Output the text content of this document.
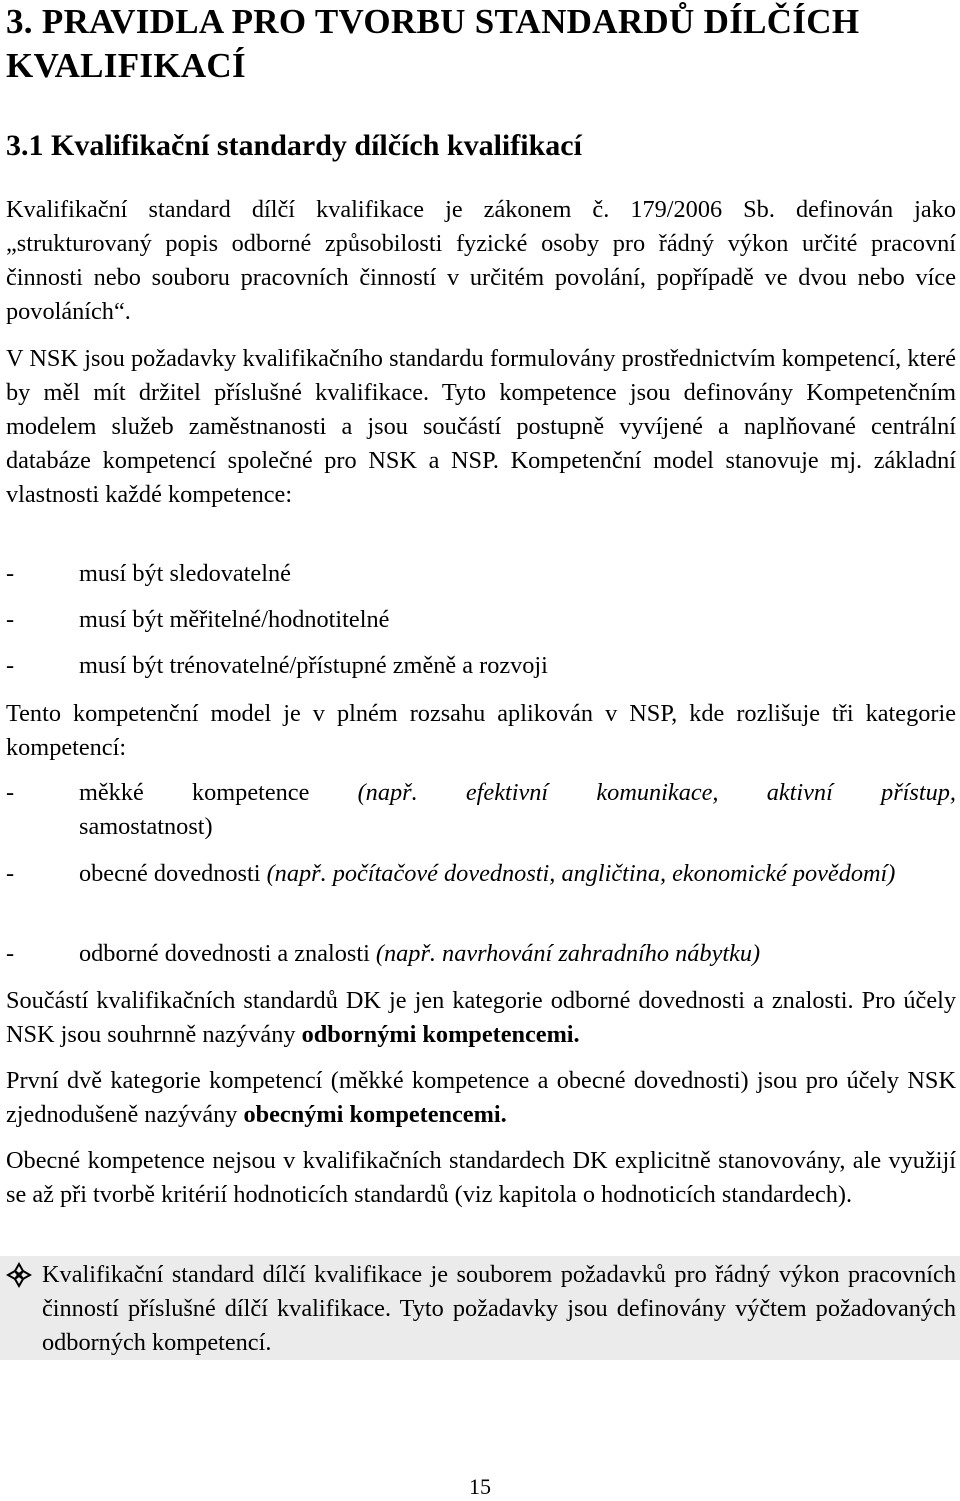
3. PRAVIDLA PRO TVORBU STANDARDŮ DÍLČÍCH KVALIFIKACÍ
3.1 Kvalifikační standardy dílčích kvalifikací

Kvalifikační standard dílčí kvalifikace je zákonem č. 179/2006 Sb. definován jako „strukturovaný popis odborné způsobilosti fyzické osoby pro řádný výkon určité pracovní činnosti nebo souboru pracovních činností v určitém povolání, popřípadě ve dvou nebo více povoláních“.

V NSK jsou požadavky kvalifikačního standardu formulovány prostřednictvím kompetencí, které by měl mít držitel příslušné kvalifikace. Tyto kompetence jsou definovány Kompetenčním modelem služeb zaměstnanosti a jsou součástí postupně vyvíjené a naplňované centrální databáze kompetencí společné pro NSK a NSP. Kompetenční model stanovuje mj. základní vlastnosti každé kompetence:

-	musí být sledovatelné
-	musí být měřitelné/hodnotitelné
-	musí být trénovatelné/přístupné změně a rozvoji

Tento kompetenční model je v plném rozsahu aplikován v NSP, kde rozlišuje tři kategorie kompetencí:

-	měkké kompetence (např. efektivní komunikace, aktivní přístup,
samostatnost)
-	obecné dovednosti (např. počítačové dovednosti, angličtina, ekonomické povědomí)
-	odborné dovednosti a znalosti (např. navrhování zahradního nábytku)

Součástí kvalifikačních standardů DK je jen kategorie odborné dovednosti a znalosti. Pro účely NSK jsou souhrnně nazývány odbornými kompetencemi.

První dvě kategorie kompetencí (měkké kompetence a obecné dovednosti) jsou pro účely NSK zjednodušeně nazývány obecnými kompetencemi.

Obecné kompetence nejsou v kvalifikačních standardech DK explicitně stanovovány, ale využijí se až při tvorbě kritérií hodnoticích standardů (viz kapitola o hodnoticích standardech).

Kvalifikační standard dílčí kvalifikace je souborem požadavků pro řádný výkon pracovních činností příslušné dílčí kvalifikace. Tyto požadavky jsou definovány výčtem požadovaných odborných kompetencí.

15
